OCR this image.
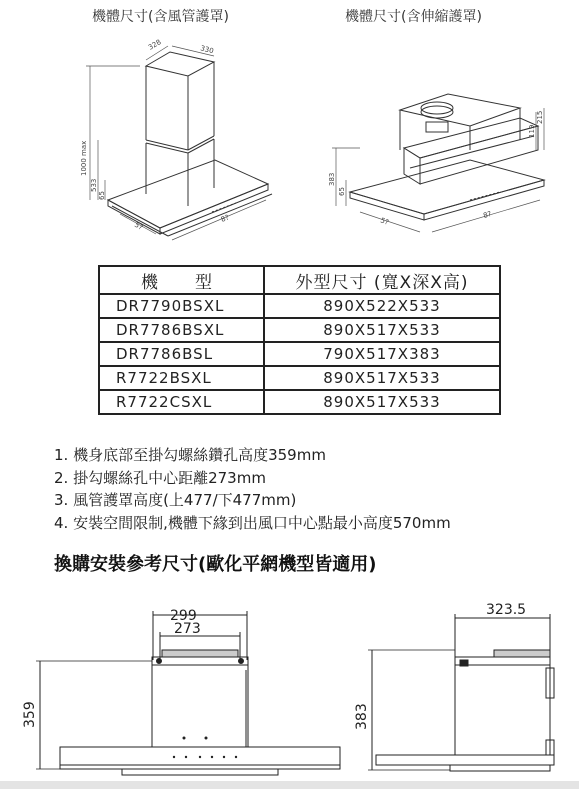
機體尺寸(含風管護罩)	機體尺寸(含伸縮護罩)
328	330
1000 max
533
65
5?
8?
383
65
119
215
5?
8?
299
273
359
323.5
383
機　型	外型尺寸 (寬X深X高)
DR7790BSXL	890X522X533
DR7786BSXL	890X517X533
DR7786BSL	790X517X383
R7722BSXL	890X517X533
R7722CSXL	890X517X533
1. 機身底部至掛勾螺絲鑽孔高度359mm
2. 掛勾螺絲孔中心距離273mm
3. 風管護罩高度(上477/下477mm)
4. 安裝空間限制,機體下緣到出風口中心點最小高度570mm
換購安裝參考尺寸(歐化平網機型皆適用)
